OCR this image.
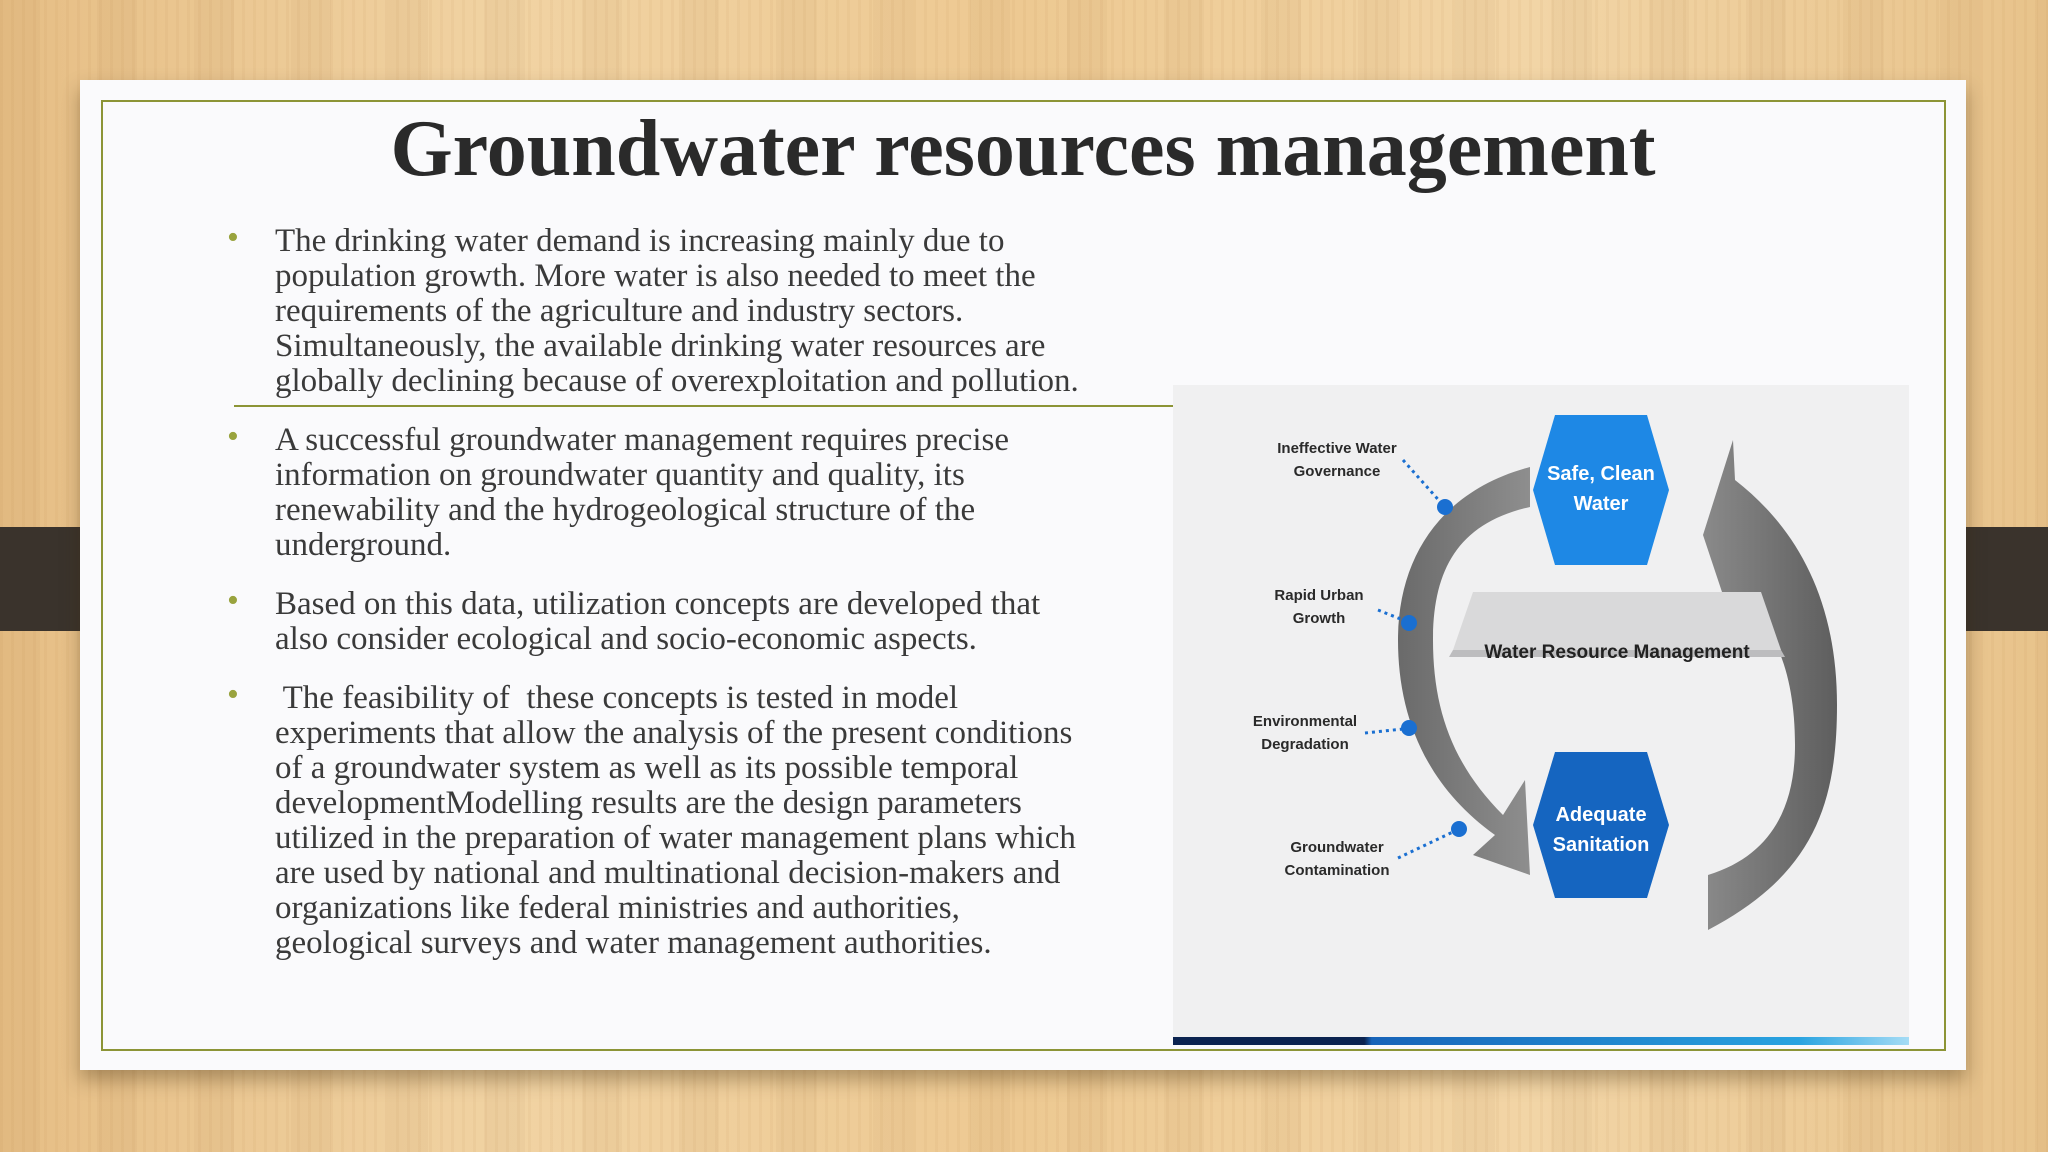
Groundwater resources management
• The drinking water demand is increasing mainly due to
population growth. More water is also needed to meet the
requirements of the agriculture and industry sectors.
Simultaneously, the available drinking water resources are
globally declining because of overexploitation and pollution.
• A successful groundwater management requires precise
information on groundwater quantity and quality, its
renewability and the hydrogeological structure of the
underground.
• Based on this data, utilization concepts are developed that
also consider ecological and socio-economic aspects.
• The feasibility of  these concepts is tested in model
experiments that allow the analysis of the present conditions
of a groundwater system as well as its possible temporal
developmentModelling results are the design parameters
utilized in the preparation of water management plans which
are used by national and multinational decision-makers and
organizations like federal ministries and authorities,
geological surveys and water management authorities.
Water Resource Management
Safe, Clean
Water
Adequate
Sanitation
Ineffective Water
Governance
Rapid Urban
Growth
Environmental
Degradation
Groundwater
Contamination
